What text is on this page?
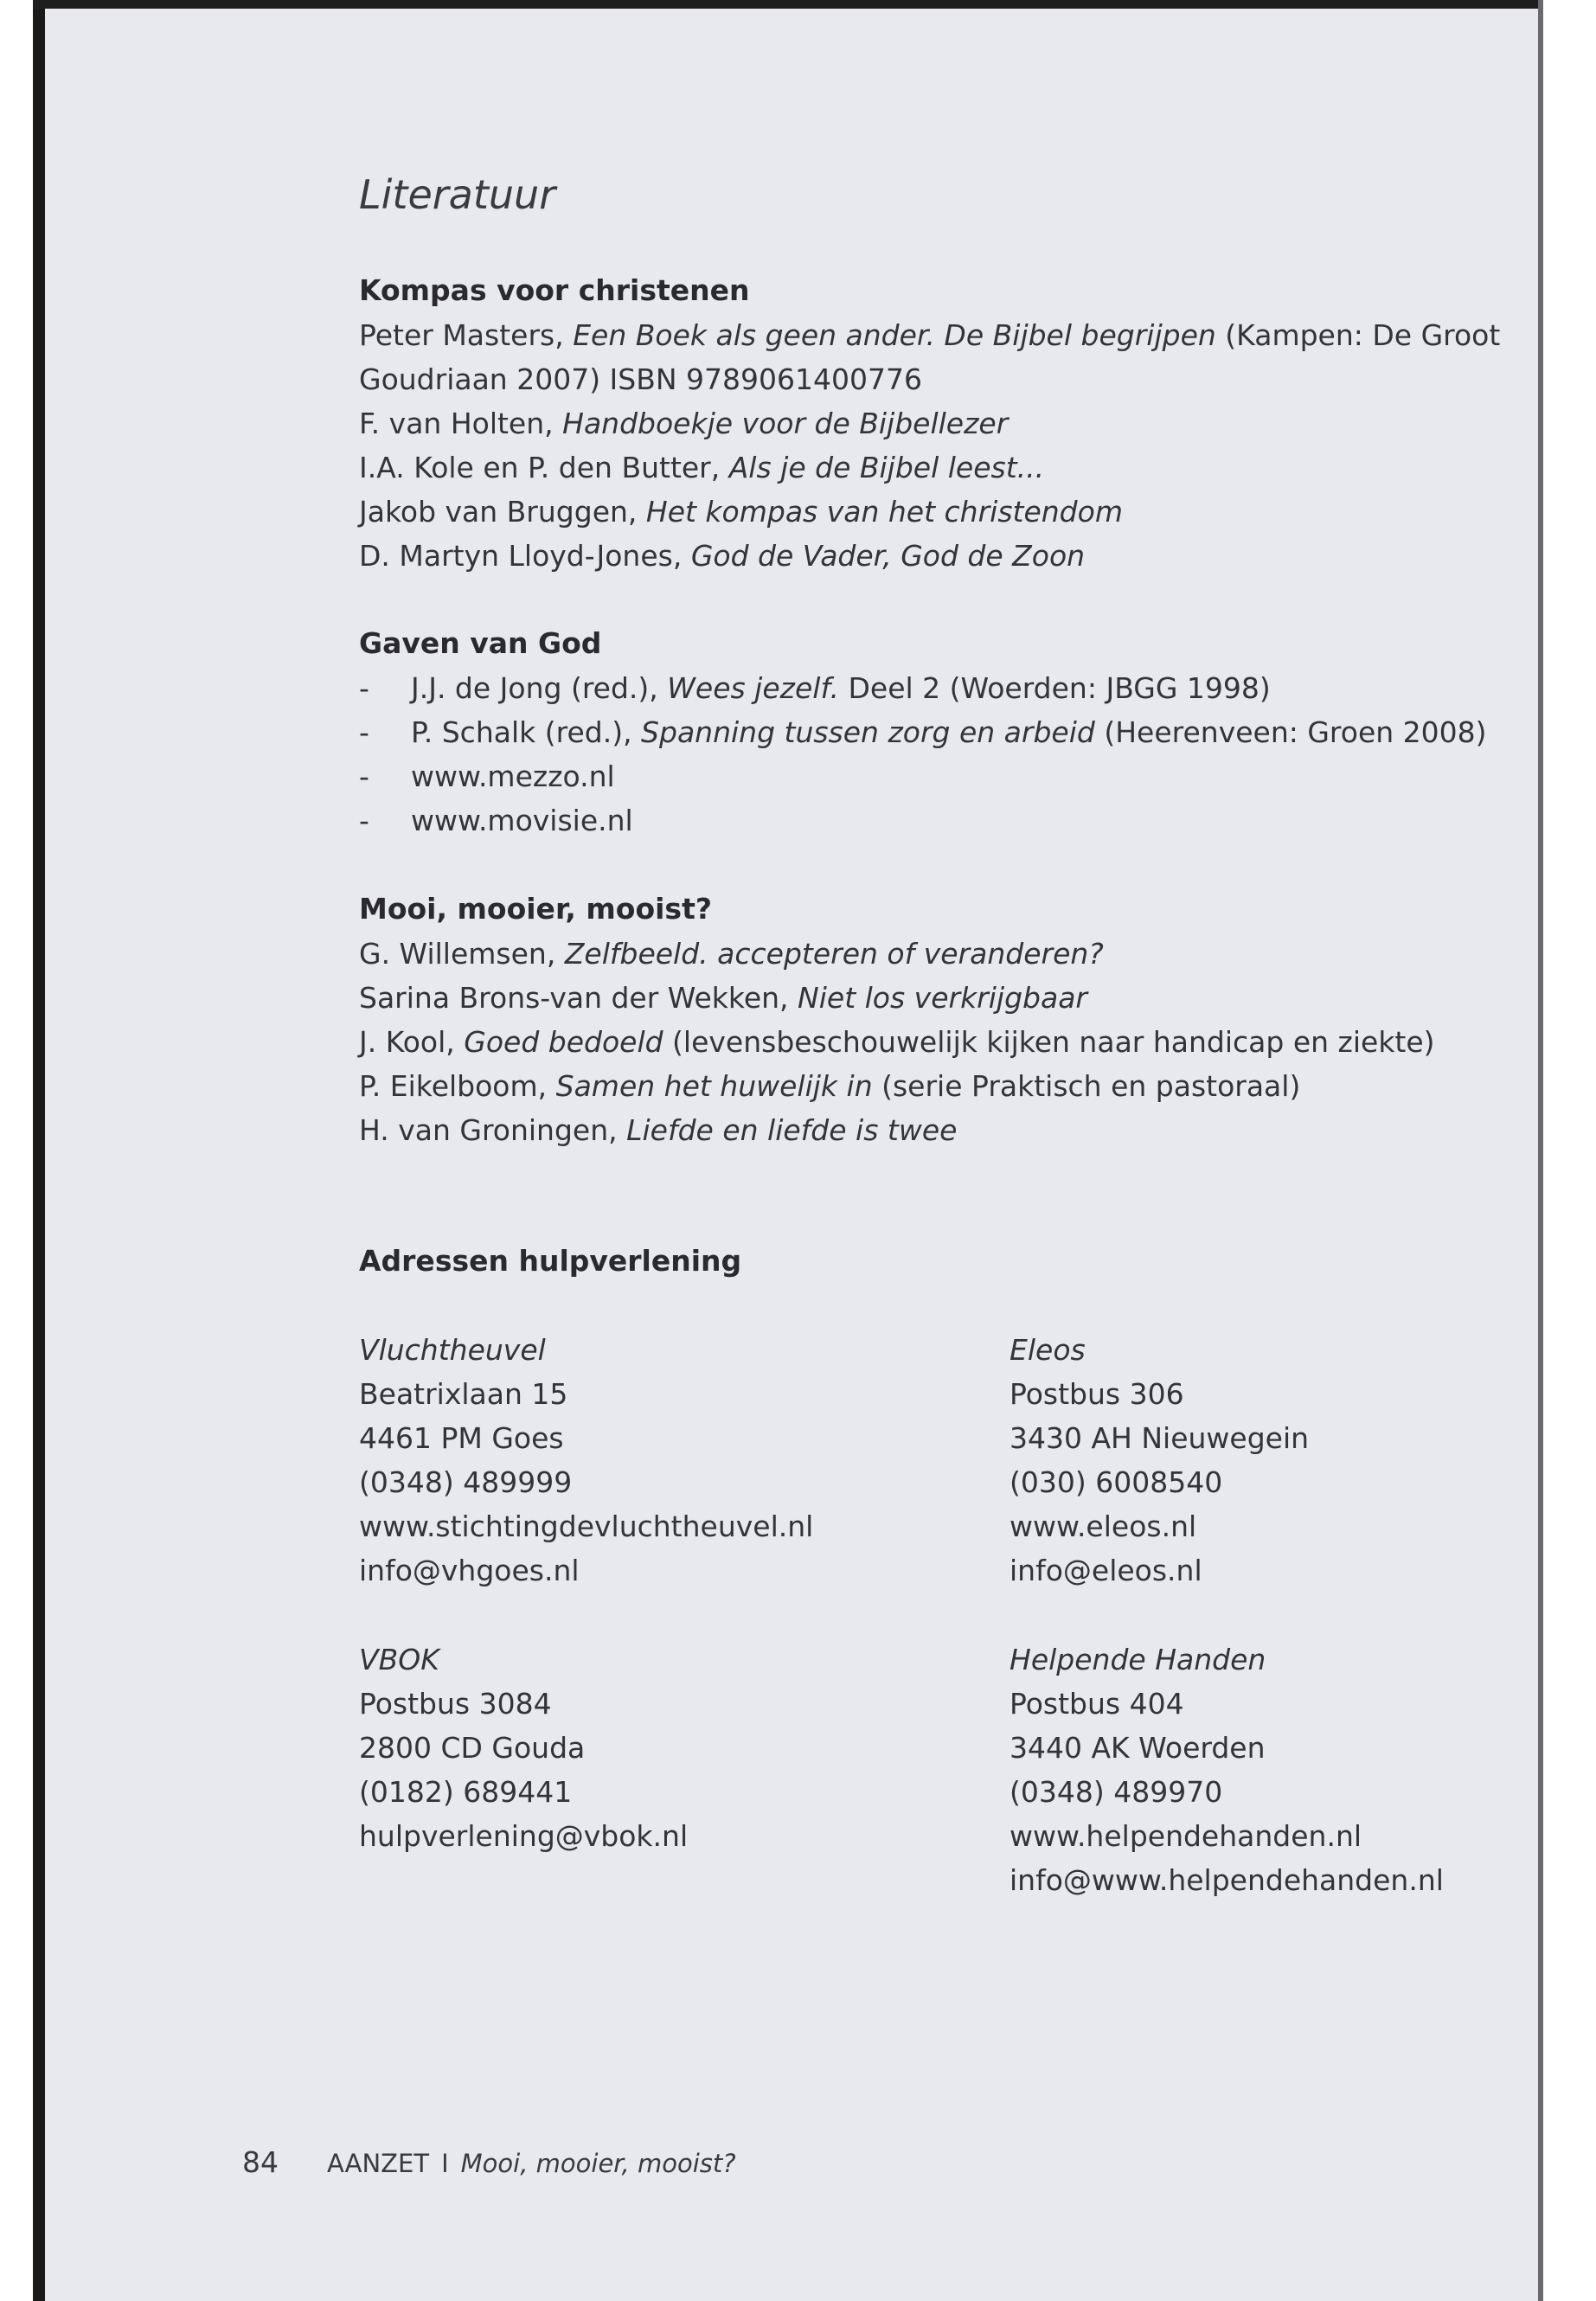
Literatuur
Kompas voor christenen
Peter Masters, Een Boek als geen ander. De Bijbel begrijpen (Kampen: De Groot
Goudriaan 2007) ISBN 9789061400776
F. van Holten, Handboekje voor de Bijbellezer
I.A. Kole en P. den Butter, Als je de Bijbel leest...
Jakob van Bruggen, Het kompas van het christendom
D. Martyn Lloyd-Jones, God de Vader, God de Zoon
Gaven van God
- J.J. de Jong (red.), Wees jezelf. Deel 2 (Woerden: JBGG 1998)
- P. Schalk (red.), Spanning tussen zorg en arbeid (Heerenveen: Groen 2008)
- www.mezzo.nl
- www.movisie.nl
Mooi, mooier, mooist?
G. Willemsen, Zelfbeeld. accepteren of veranderen?
Sarina Brons-van der Wekken, Niet los verkrijgbaar
J. Kool, Goed bedoeld (levensbeschouwelijk kijken naar handicap en ziekte)
P. Eikelboom, Samen het huwelijk in (serie Praktisch en pastoraal)
H. van Groningen, Liefde en liefde is twee
Adressen hulpverlening
Vluchtheuvel
Beatrixlaan 15
4461 PM Goes
(0348) 489999
www.stichtingdevluchtheuvel.nl
info@vhgoes.nl
Eleos
Postbus 306
3430 AH Nieuwegein
(030) 6008540
www.eleos.nl
info@eleos.nl
VBOK
Postbus 3084
2800 CD Gouda
(0182) 689441
hulpverlening@vbok.nl
Helpende Handen
Postbus 404
3440 AK Woerden
(0348) 489970
www.helpendehanden.nl
info@www.helpendehanden.nl
84 AANZET I Mooi, mooier, mooist?
